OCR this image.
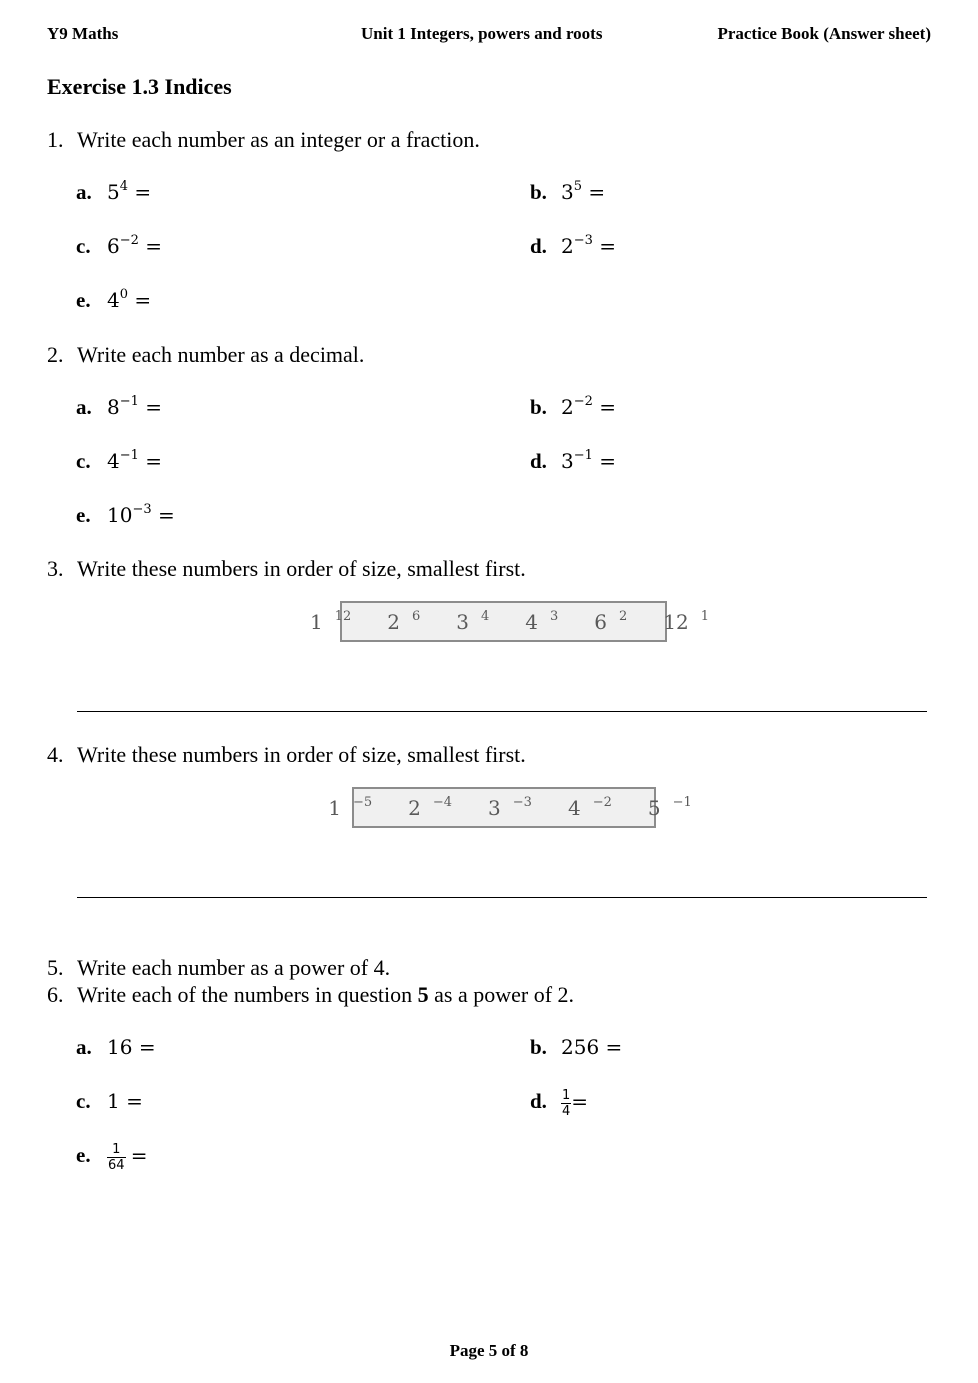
Y9 Maths	Unit 1 Integers, powers and roots	Practice Book (Answer sheet)
Exercise 1.3 Indices
1. Write each number as an integer or a fraction.
a. $5^4$ =	b. $3^5$ =
c. $6^{-2}$ =	d. $2^{-3}$ =
e. $4^0$ =
2. Write each number as a decimal.
a. $8^{-1}$ =	b. $2^{-2}$ =
c. $4^{-1}$ =	d. $3^{-1}$ =
e. $10^{-3}$ =
3. Write these numbers in order of size, smallest first.
1 $^{12}$	2 $^6$	3 $^4$	4 $^3$	6 $^2$	12 $^1$
4. Write these numbers in order of size, smallest first.
1 $^{-5}$	2 $^{-4}$	3 $^{-3}$	4 $^{-2}$	5 $^{-1}$
5. Write each number as a power of 4.
6. Write each of the numbers in question 5 as a power of 2.
a. 16 =	b. 256 =
c. 1 =	d. $\frac{1}{4}$ =
e. $\frac{1}{64}$ =
Page 5 of 8
